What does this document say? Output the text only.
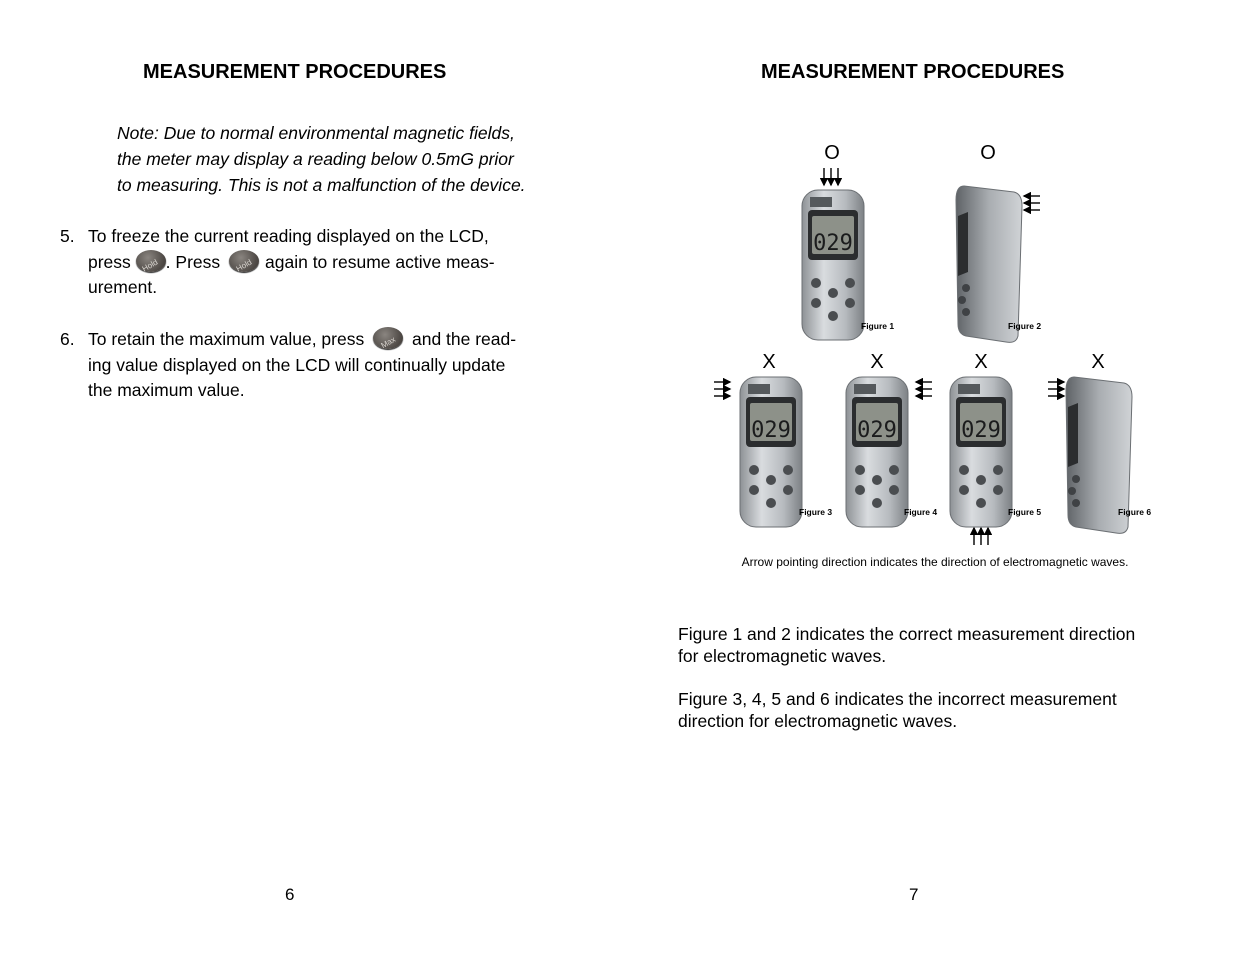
MEASUREMENT PROCEDURES
Note: Due to normal environmental magnetic fields,
the meter may display a reading below 0.5mG prior
to measuring. This is not a malfunction of the device.
5. To freeze the current reading displayed on the LCD,
press Hold . Press Hold again to resume active meas-
urement.
6. To retain the maximum value, press Max and the read-
ing value displayed on the LCD will continually update
the maximum value.
6
MEASUREMENT PROCEDURES
O	O
X	X	X	X
029
029	029	029
Figure 1	Figure 2
Figure 3	Figure 4	Figure 5	Figure 6
Arrow pointing direction indicates the direction of electromagnetic waves.
Figure 1 and 2 indicates the correct measurement direction
for electromagnetic waves.
Figure 3, 4, 5 and 6 indicates the incorrect measurement
direction for electromagnetic waves.
7
